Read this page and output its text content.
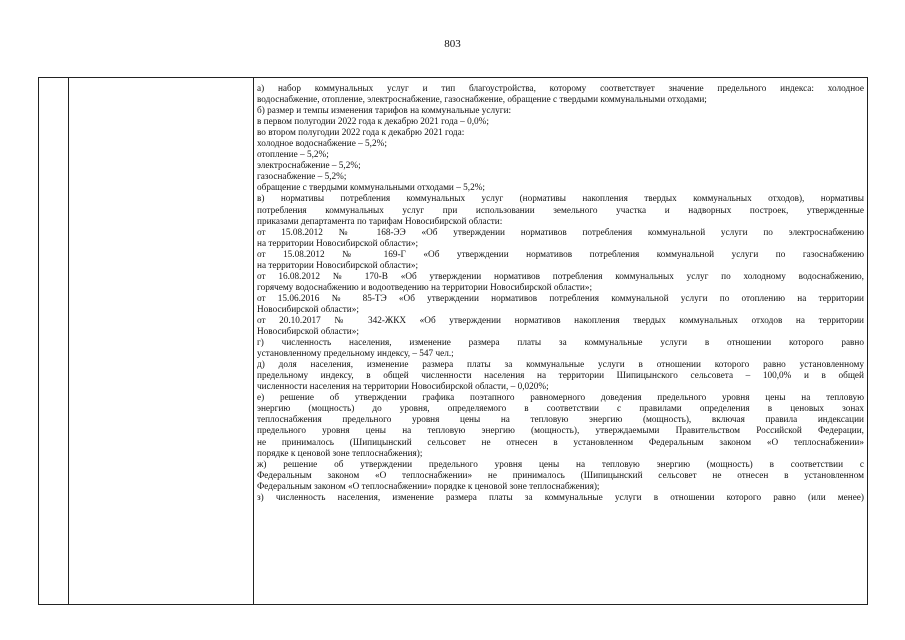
803

а) набор коммунальных услуг и тип благоустройства, которому соответствует значение предельного индекса: холодное

водоснабжение, отопление, электроснабжение, газоснабжение, обращение с твердыми коммунальными отходами;

б) размер и темпы изменения тарифов на коммунальные услуги:

в первом полугодии 2022 года к декабрю 2021 года – 0,0%;

во втором полугодии 2022 года к декабрю 2021 года:

холодное водоснабжение – 5,2%;

отопление – 5,2%;

электроснабжение – 5,2%;

газоснабжение – 5,2%;

обращение с твердыми коммунальными отходами – 5,2%;

в) нормативы потребления коммунальных услуг (нормативы накопления твердых коммунальных отходов), нормативы

потребления коммунальных услуг при использовании земельного участка и надворных построек, утвержденные

приказами департамента по тарифам Новосибирской области:

от 15.08.2012 № 168-ЭЭ «Об утверждении нормативов потребления коммунальной услуги по электроснабжению

на территории Новосибирской области»;

от 15.08.2012 № 169-Г «Об утверждении нормативов потребления коммунальной услуги по газоснабжению

на территории Новосибирской области»;

от 16.08.2012 № 170-В «Об утверждении нормативов потребления коммунальных услуг по холодному водоснабжению,

горячему водоснабжению и водоотведению на территории Новосибирской области»;

от 15.06.2016 № 85-ТЭ «Об утверждении нормативов потребления коммунальной услуги по отоплению на территории

Новосибирской области»;

от 20.10.2017 № 342-ЖКХ «Об утверждении нормативов накопления твердых коммунальных отходов на территории

Новосибирской области»;

г) численность населения, изменение размера платы за коммунальные услуги в отношении которого равно

установленному предельному индексу, – 547 чел.;

д) доля населения, изменение размера платы за коммунальные услуги в отношении которого равно установленному

предельному индексу, в общей численности населения на территории Шипицынского сельсовета – 100,0% и в общей

численности населения на территории Новосибирской области, – 0,020%;

е) решение об утверждении графика поэтапного равномерного доведения предельного уровня цены на тепловую

энергию (мощность) до уровня, определяемого в соответствии с правилами определения в ценовых зонах

теплоснабжения предельного уровня цены на тепловую энергию (мощность), включая правила индексации

предельного уровня цены на тепловую энергию (мощность), утверждаемыми Правительством Российской Федерации,

не принималось (Шипицынский сельсовет не отнесен в установленном Федеральным законом «О теплоснабжении»

порядке к ценовой зоне теплоснабжения);

ж) решение об утверждении предельного уровня цены на тепловую энергию (мощность) в соответствии с

Федеральным законом «О теплоснабжении» не принималось (Шипицынский сельсовет не отнесен в установленном

Федеральным законом «О теплоснабжении» порядке к ценовой зоне теплоснабжения);

з) численность населения, изменение размера платы за коммунальные услуги в отношении которого равно (или менее)
